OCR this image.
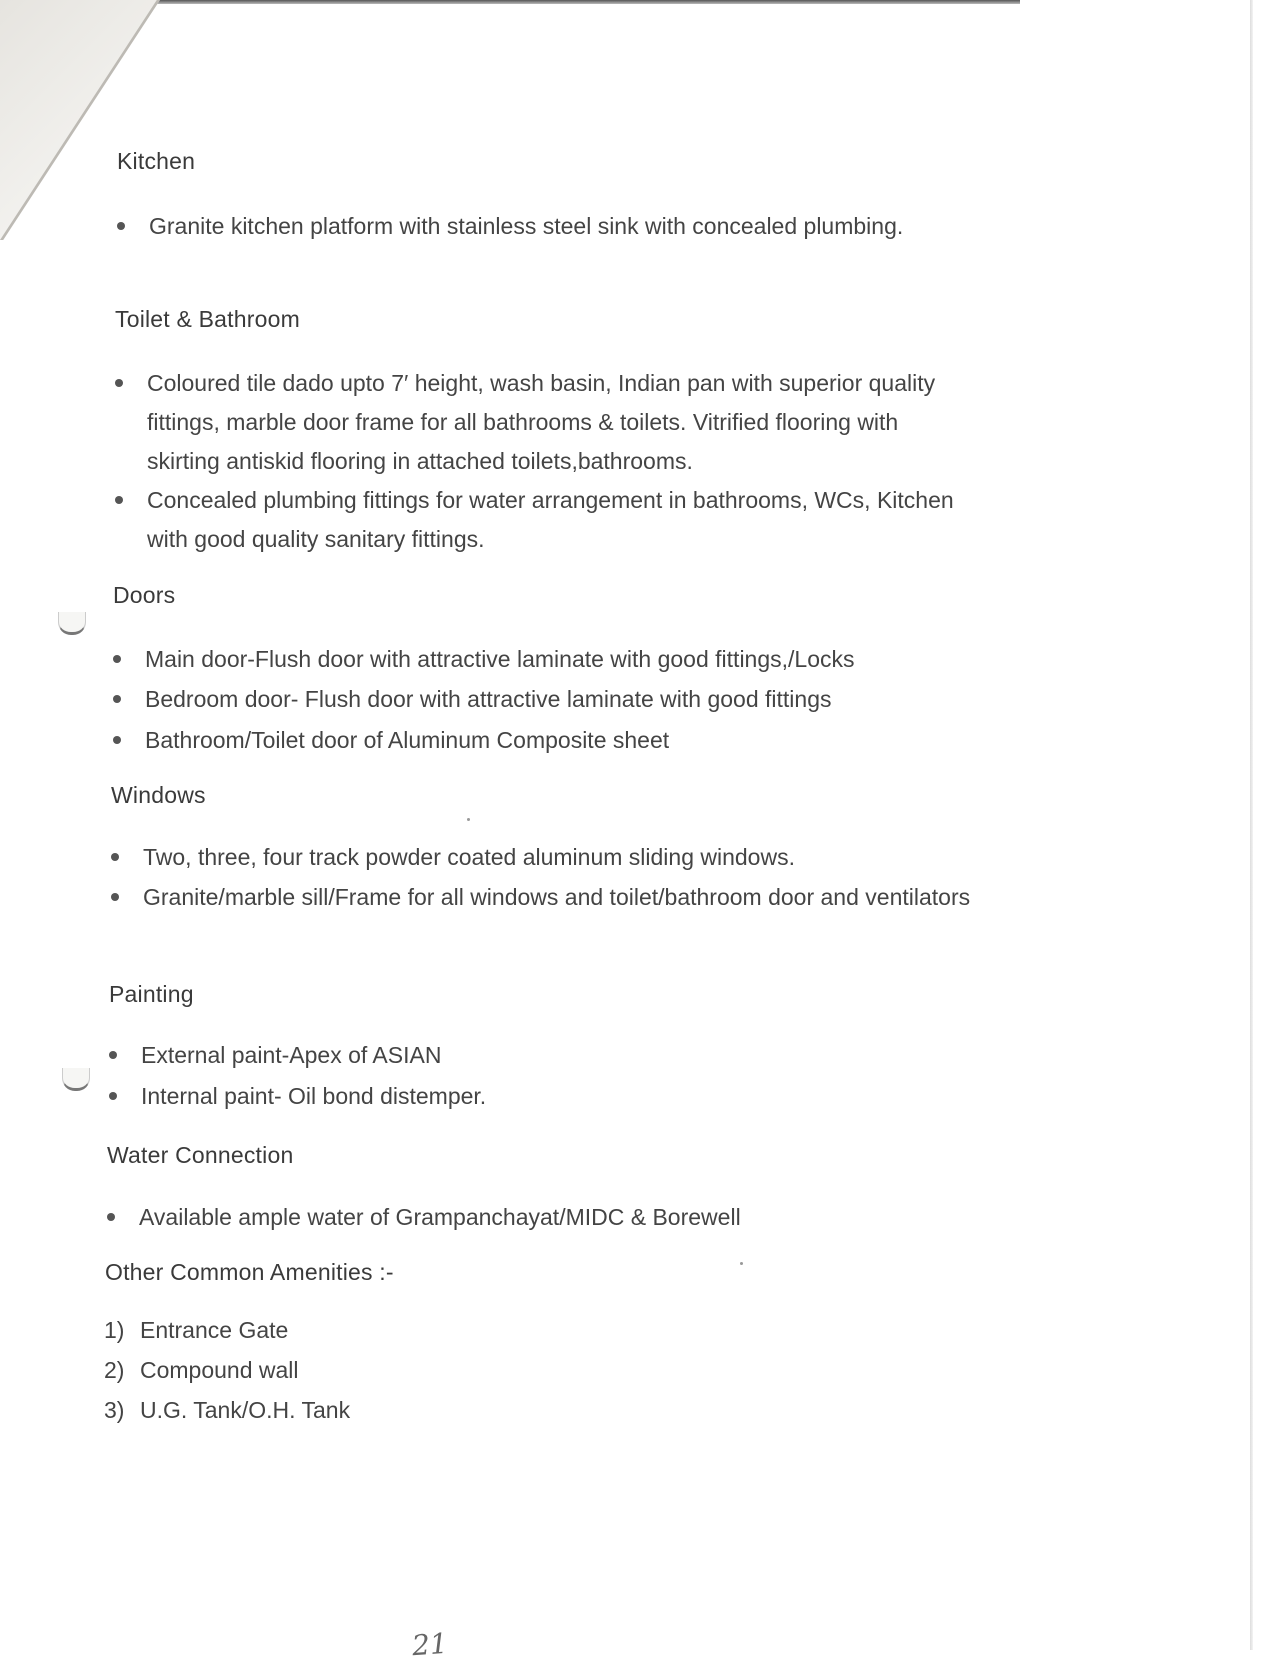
Kitchen
Granite kitchen platform with stainless steel sink with concealed plumbing.
Toilet & Bathroom
Coloured tile dado upto 7′ height, wash basin, Indian pan with superior quality fittings, marble door frame for all bathrooms & toilets. Vitrified flooring with skirting antiskid flooring in attached toilets,bathrooms.
Concealed plumbing fittings for water arrangement in bathrooms, WCs, Kitchen with good quality sanitary fittings.
Doors
Main door-Flush door with attractive laminate with good fittings,/Locks
Bedroom door- Flush door with attractive laminate with good fittings
Bathroom/Toilet door of Aluminum Composite sheet
Windows
Two, three, four track powder coated aluminum sliding windows.
Granite/marble sill/Frame for all windows and toilet/bathroom door and ventilators
Painting
External paint-Apex of ASIAN
Internal paint- Oil bond distemper.
Water Connection
Available ample water of Grampanchayat/MIDC & Borewell
Other Common Amenities :-
1) Entrance Gate
2) Compound wall
3) U.G. Tank/O.H. Tank
21
